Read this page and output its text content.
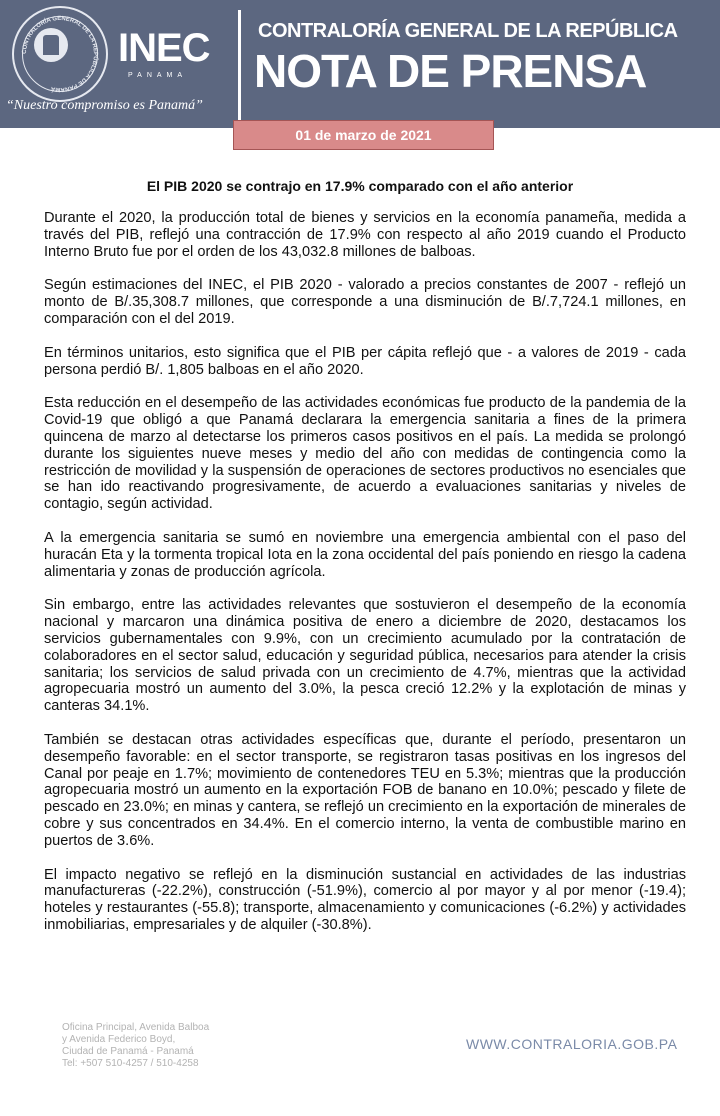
CONTRALORÍA GENERAL DE LA REPÚBLICA DE PANAMÁ
INEC
PANAMA
“Nuestro compromiso es Panamá”
CONTRALORÍA GENERAL DE LA REPÚBLICA
NOTA DE PRENSA
01 de marzo de 2021
El PIB 2020 se contrajo en 17.9% comparado con el año anterior

Durante el 2020, la producción total de bienes y servicios en la economía panameña, medida a través del PIB, reflejó una contracción de 17.9% con respecto al año 2019 cuando el Producto Interno Bruto fue por el orden de los 43,032.8 millones de balboas.

Según estimaciones del INEC, el PIB 2020 - valorado a precios constantes de 2007 - reflejó un monto de B/.35,308.7 millones, que corresponde a una disminución de B/.7,724.1 millones, en comparación con el del 2019.

En términos unitarios, esto significa que el PIB per cápita reflejó que - a valores de 2019 - cada persona perdió B/. 1,805 balboas en el año 2020.

Esta reducción en el desempeño de las actividades económicas fue producto de la pandemia de la Covid-19 que obligó a que Panamá declarara la emergencia sanitaria a fines de la primera quincena de marzo al detectarse los primeros casos positivos en el país. La medida se prolongó durante los siguientes nueve meses y medio del año con medidas de contingencia como la restricción de movilidad y la suspensión de operaciones de sectores productivos no esenciales que se han ido reactivando progresivamente, de acuerdo a evaluaciones sanitarias y niveles de contagio, según actividad.

A la emergencia sanitaria se sumó en noviembre una emergencia ambiental con el paso del huracán Eta y la tormenta tropical Iota en la zona occidental del país poniendo en riesgo la cadena alimentaria y zonas de producción agrícola.

Sin embargo, entre las actividades relevantes que sostuvieron el desempeño de la economía nacional y marcaron una dinámica positiva de enero a diciembre de 2020, destacamos los servicios gubernamentales con 9.9%, con un crecimiento acumulado por la contratación de colaboradores en el sector salud, educación y seguridad pública, necesarios para atender la crisis sanitaria; los servicios de salud privada con un crecimiento de 4.7%, mientras que la actividad agropecuaria mostró un aumento del 3.0%, la pesca creció 12.2% y la explotación de minas y canteras 34.1%.

También se destacan otras actividades específicas que, durante el período, presentaron un desempeño favorable: en el sector transporte, se registraron tasas positivas en los ingresos del Canal por peaje en 1.7%; movimiento de contenedores TEU en 5.3%; mientras que la producción agropecuaria mostró un aumento en la exportación FOB de banano en 10.0%; pescado y filete de pescado en 23.0%; en minas y cantera, se reflejó un crecimiento en la exportación de minerales de cobre y sus concentrados en 34.4%. En el comercio interno, la venta de combustible marino en puertos de 3.6%.

El impacto negativo se reflejó en la disminución sustancial en actividades de las industrias manufactureras (-22.2%), construcción (-51.9%), comercio al por mayor y al por menor (-19.4); hoteles y restaurantes (-55.8); transporte, almacenamiento y comunicaciones (-6.2%) y actividades inmobiliarias, empresariales y de alquiler (-30.8%).

Oficina Principal, Avenida Balboa
y Avenida Federico Boyd,
Ciudad de Panamá - Panamá
Tel: +507 510-4257 / 510-4258
WWW.CONTRALORIA.GOB.PA
